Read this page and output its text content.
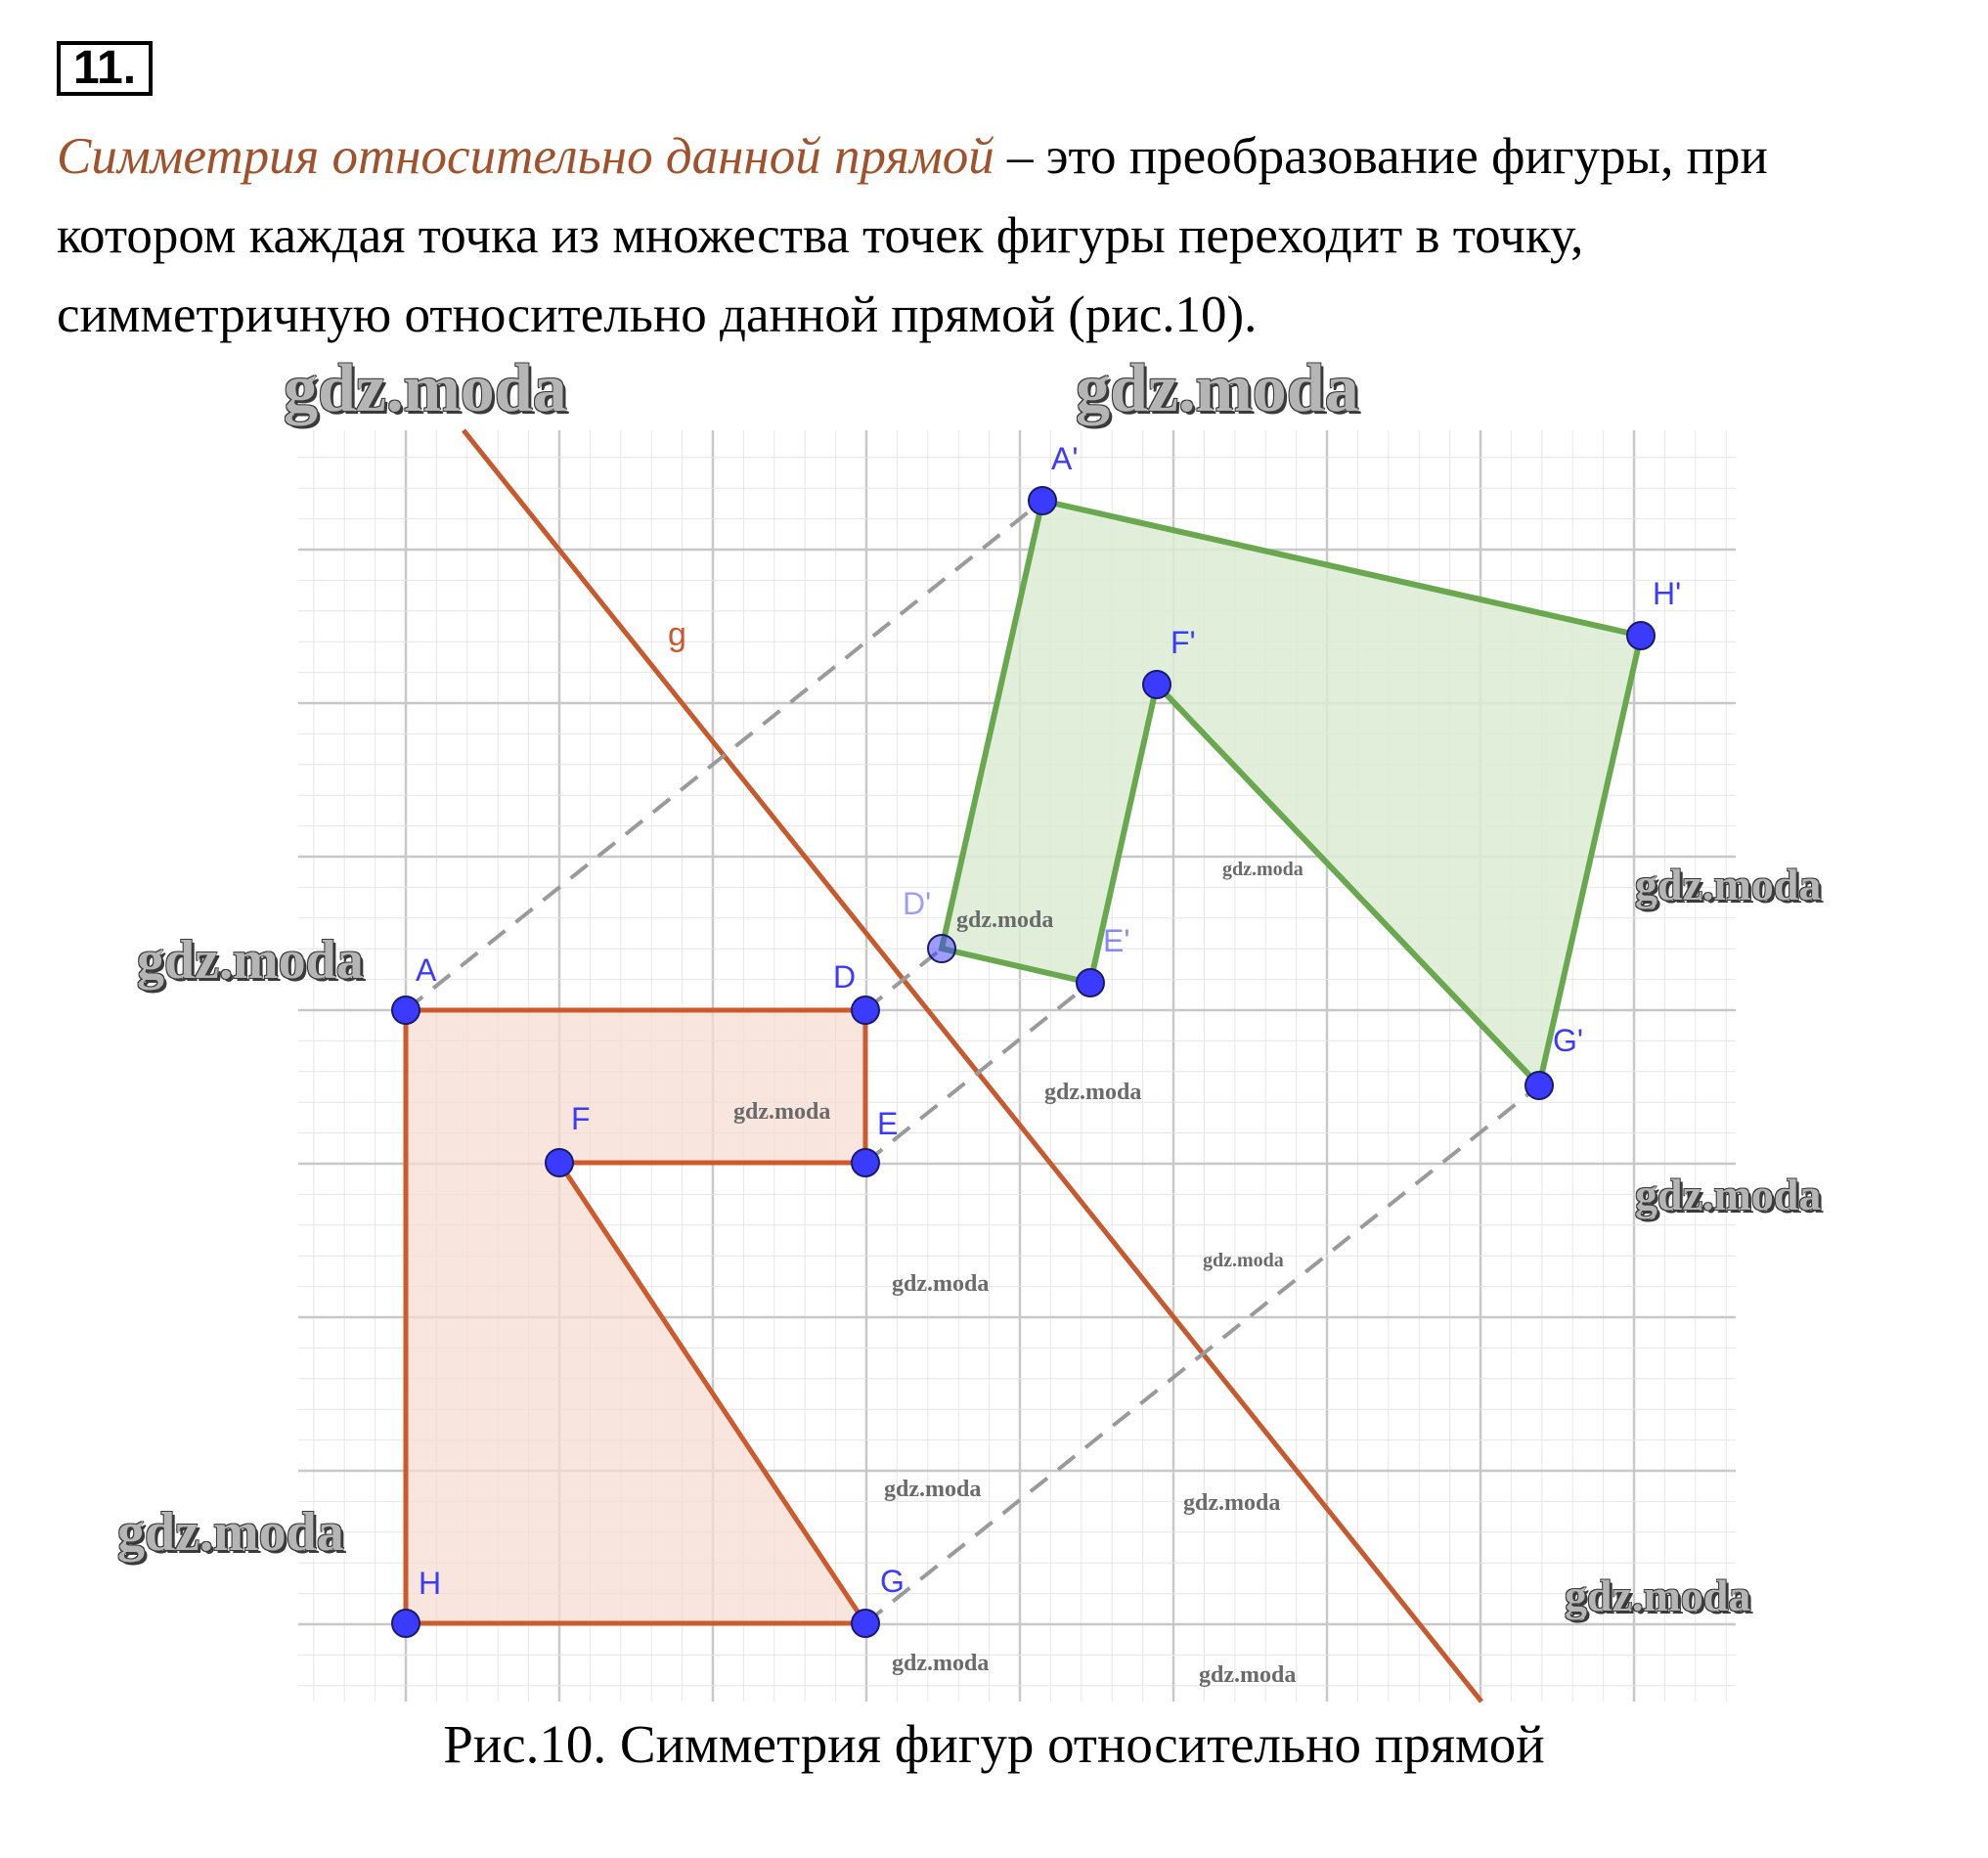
11.

Симметрия относительно данной прямой – это преобразование фигуры, при
котором каждая точка из множества точек фигуры переходит в точку,
симметричную относительно данной прямой (рис.10).

g

A	D
E
F
G
H
A'
H'
F'
D'
E'
G'
gdz.moda	gdz.moda
gdz.moda
gdz.moda
gdz.moda
gdz.moda
gdz.moda
gdz.moda
gdz.moda
gdz.moda
gdz.moda
gdz.moda
gdz.moda
gdz.moda
gdz.moda
gdz.moda	gdz.moda
Рис.10. Симметрия фигур относительно прямой
